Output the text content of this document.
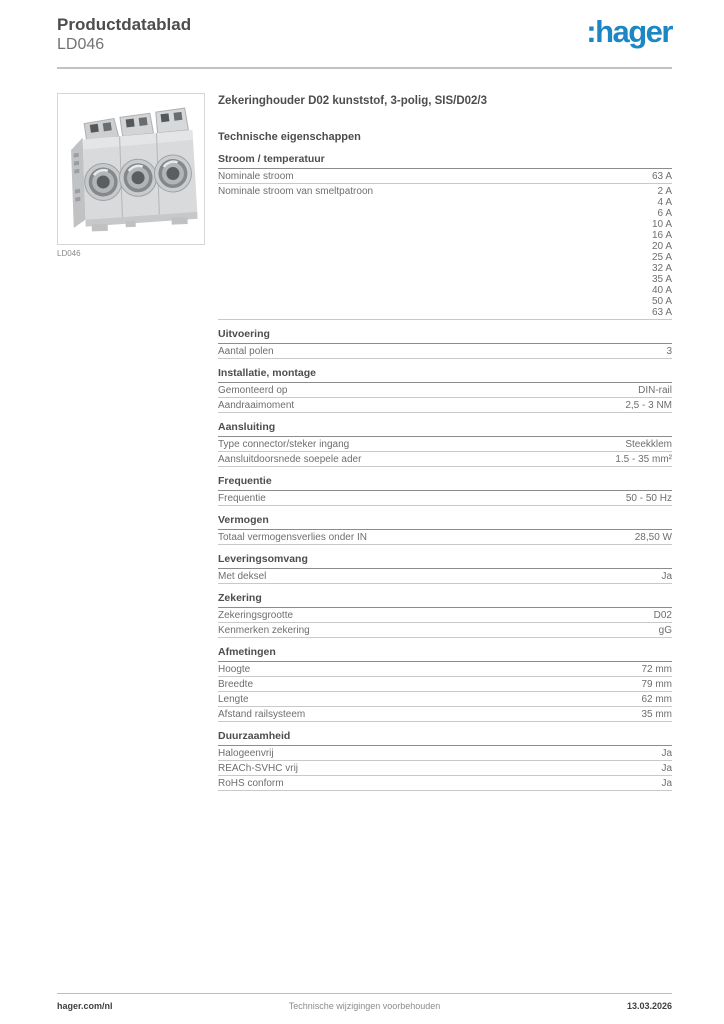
Productdatablad
LD046	:hager
LD046
Zekeringhouder D02 kunststof, 3-polig, SIS/D02/3
Technische eigenschappen
Stroom / temperatuur
Nominale stroom	63 A
Nominale stroom van smeltpatroon	2 A
4 A
6 A
10 A
16 A
20 A
25 A
32 A
35 A
40 A
50 A
63 A
Uitvoering
Aantal polen	3
Installatie, montage
Gemonteerd op	DIN-rail
Aandraaimoment	2,5 - 3 NM
Aansluiting
Type connector/steker ingang	Steekklem
Aansluitdoorsnede soepele ader	1.5 - 35 mm²
Frequentie
Frequentie	50 - 50 Hz
Vermogen
Totaal vermogensverlies onder IN	28,50 W
Leveringsomvang
Met deksel	Ja
Zekering
Zekeringsgrootte	D02
Kenmerken zekering	gG
Afmetingen
Hoogte	72 mm
Breedte	79 mm
Lengte	62 mm
Afstand railsysteem	35 mm
Duurzaamheid
Halogeenvrij	Ja
REACh-SVHC vrij	Ja
RoHS conform	Ja
hager.com/nl	Technische wijzigingen voorbehouden	13.03.2026
